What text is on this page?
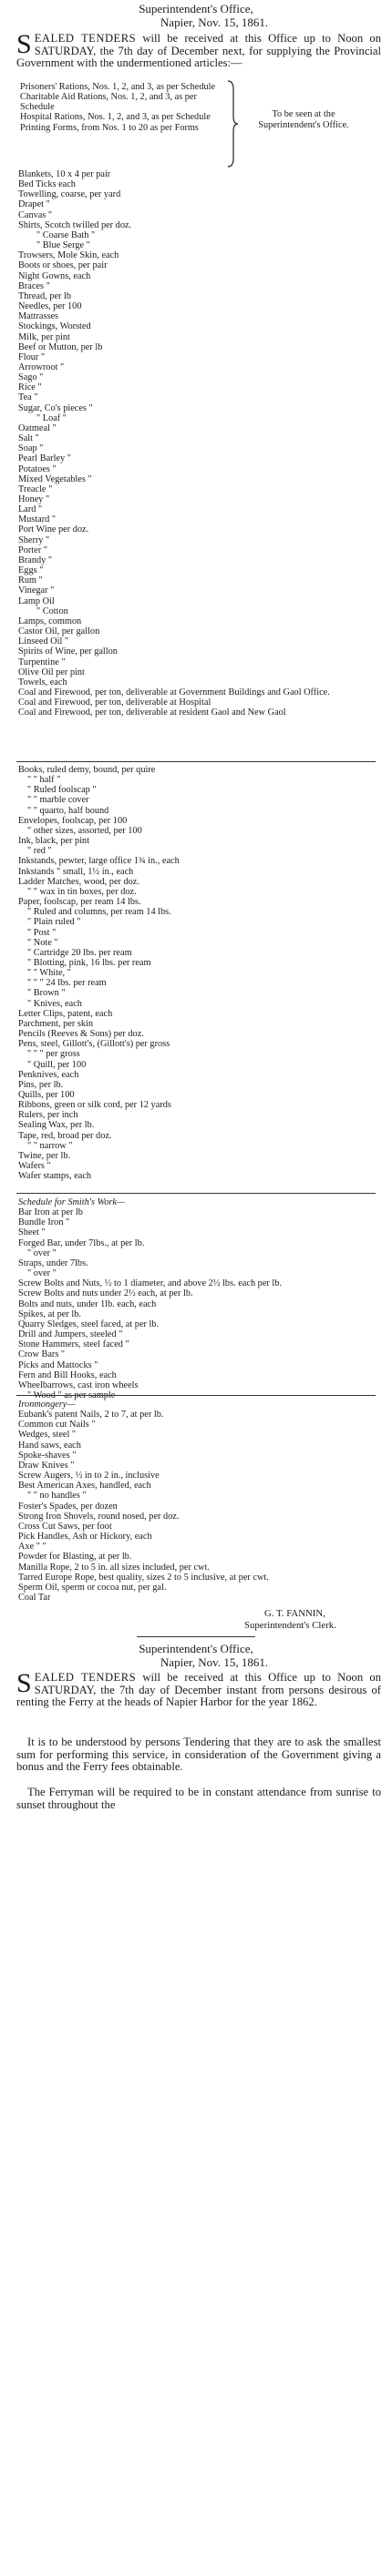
Superintendent's Office,
Napier, Nov. 15, 1861.
SEALED TENDERS will be received at this Office up to Noon on SATURDAY, the 7th day of December next, for supplying the Provincial Government with the undermentioned articles:—
Prisoners' Rations, Nos. 1, 2, and 3, as per Schedule
Charitable Aid Rations, Nos. 1, 2, and 3, as per Schedule
Hospital Rations, Nos. 1, 2, and 3, as per Schedule
Printing Forms, from Nos. 1 to 20 as per Forms
To be seen at the Superintendent's Office.
Blankets, 10 x 4 per pair
Bed Ticks each
Towelling, coarse, per yard
Drapet "
Canvas "
Shirts, Scotch twilled per doz.
" Coarse Bath "
" Blue Serge "
Trowsers, Mole Skin, each
Boots or shoes, per pair
Night Gowns, each
Braces "
Thread, per lb
Needles, per 100
Mattrasses
Stockings, Worsted
Milk, per pint
Beef or Mutton, per lb
Flour "
Arrowroot "
Sago "
Rice "
Tea "
Sugar, Co's pieces "
" Loaf "
Oatmeal "
Salt "
Soap "
Pearl Barley "
Potatoes "
Mixed Vegetables "
Treacle "
Honey "
Lard "
Mustard "
Port Wine per doz.
Sherry "
Porter "
Brandy "
Eggs "
Rum "
Vinegar "
Lamp Oil
" Cotton
Lamps, common
Castor Oil, per gallon
Linseed Oil "
Spirits of Wine, per gallon
Turpentine "
Olive Oil per pint
Towels, each
Coal and Firewood, per ton, deliverable at Government Buildings and Gaol Office.
Coal and Firewood, per ton, deliverable at Hospital
Coal and Firewood, per ton, deliverable at resident Gaol and New Gaol
Books, ruled demy, bound, per quire
" " half "
" Ruled foolscap "
" " marble cover
" " quarto, half bound
Envelopes, foolscap, per 100
" other sizes, assorted, per 100
Ink, black, per pint
" red "
Inkstands, pewter, large office 1¾ in., each
Inkstands " small, 1½ in., each
Ladder Matches, wood, per doz.
" " wax in tin boxes, per doz.
Paper, foolscap, per ream 14 lbs.
" Ruled and columns, per ream 14 lbs.
" Plain ruled "
" Post "
" Note "
" Cartridge 20 lbs. per ream
" Blotting, pink, 16 lbs. per ream
" " White, "
" " " 24 lbs. per ream
" Brown "
" Knives, each
Letter Clips, patent, each
Parchment, per skin
Pencils (Reeves & Sons) per doz.
Pens, steel, Gillott's, (Gillott's) per gross
" " " per gross
" Quill, per 100
Penknives, each
Pins, per lb.
Quills, per 100
Ribbons, green or silk cord, per 12 yards
Rulers, per inch
Sealing Wax, per lb.
Tape, red, broad per doz.
" " narrow "
Twine, per lb.
Wafers "
Wafer stamps, each
Schedule for Smith's Work—
Bar Iron at per lb
Bundle Iron "
Sheet "
Forged Bar, under 7lbs., at per lb.
" over "
Straps, under 7lbs.
" over "
Screw Bolts and Nuts, ½ to 1 diameter, and above 2½ lbs. each per lb.
Screw Bolts and nuts under 2½ each, at per lb.
Bolts and nuts, under 1lb. each, each
Spikes, at per lb.
Quarry Sledges, steel faced, at per lb.
Drill and Jumpers, steeled "
Stone Hammers, steel faced "
Crow Bars "
Picks and Mattocks "
Fern and Bill Hooks, each
Wheelbarrows, cast iron wheels
" Wood " as per sample
Ironmongery—
Eubank's patent Nails, 2 to 7, at per lb.
Common cut Nails "
Wedges, steel "
Hand saws, each
Spoke-shaves "
Draw Knives "
Screw Augers, ½ in to 2 in., inclusive
Best American Axes, handled, each
" " no handles "
Foster's Spades, per dozen
Strong Iron Shovels, round nosed, per doz.
Cross Cut Saws, per foot
Pick Handles, Ash or Hickory, each
Axe " "
Powder for Blasting, at per lb.
Manilla Rope, 2 to 5 in. all sizes included, per cwt.
Tarred Europe Rope, best quality, sizes 2 to 5 inclusive, at per cwt.
Sperm Oil, sperm or cocoa nut, per gal.
Coal Tar
G. T. FANNIN,
Superintendent's Clerk.
Superintendent's Office,
Napier, Nov. 15, 1861.
SEALED TENDERS will be received at this Office up to Noon on SATURDAY, the 7th day of December instant from persons desirous of renting the Ferry at the heads of Napier Harbor for the year 1862.
It is to be understood by persons Tendering that they are to ask the smallest sum for performing this service, in consideration of the Government giving a bonus and the Ferry fees obtainable.
The Ferryman will be required to be in constant attendance from sunrise to sunset throughout the
